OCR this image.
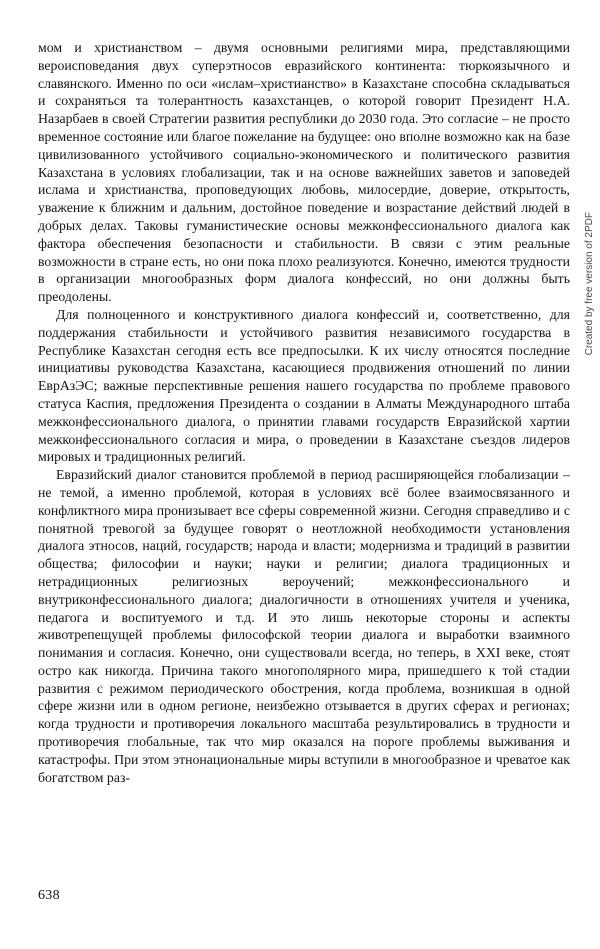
мом и христианством – двумя основными религиями мира, представляющими вероисповедания двух суперэтносов евразийского континента: тюркоязычного и славянского. Именно по оси «ислам–христианство» в Казахстане способна складываться и сохраняться та толерантность казахстанцев, о которой говорит Президент Н.А. Назарбаев в своей Стратегии развития республики до 2030 года. Это согласие – не просто временное состояние или благое пожелание на будущее: оно вполне возможно как на базе цивилизованного устойчивого социально-экономического и политического развития Казахстана в условиях глобализации, так и на основе важнейших заветов и заповедей ислама и христианства, проповедующих любовь, милосердие, доверие, открытость, уважение к ближним и дальним, достойное поведение и возрастание действий людей в добрых делах. Таковы гуманистические основы межконфессионального диалога как фактора обеспечения безопасности и стабильности. В связи с этим реальные возможности в стране есть, но они пока плохо реализуются. Конечно, имеются трудности в организации многообразных форм диалога конфессий, но они должны быть преодолены.

Для полноценного и конструктивного диалога конфессий и, соответственно, для поддержания стабильности и устойчивого развития независимого государства в Республике Казахстан сегодня есть все предпосылки. К их числу относятся последние инициативы руководства Казахстана, касающиеся продвижения отношений по линии ЕврАзЭС; важные перспективные решения нашего государства по проблеме правового статуса Каспия, предложения Президента о создании в Алматы Международного штаба межконфессионального диалога, о принятии главами государств Евразийской хартии межконфессионального согласия и мира, о проведении в Казахстане съездов лидеров мировых и традиционных религий.

Евразийский диалог становится проблемой в период расширяющейся глобализации – не темой, а именно проблемой, которая в условиях всё более взаимосвязанного и конфликтного мира пронизывает все сферы современной жизни. Сегодня справедливо и с понятной тревогой за будущее говорят о неотложной необходимости установления диалога этносов, наций, государств; народа и власти; модернизма и традиций в развитии общества; философии и науки; науки и религии; диалога традиционных и нетрадиционных религиозных вероучений; межконфессионального и внутриконфессионального диалога; диалогичности в отношениях учителя и ученика, педагога и воспитуемого и т.д. И это лишь некоторые стороны и аспекты животрепещущей проблемы философской теории диалога и выработки взаимного понимания и согласия. Конечно, они существовали всегда, но теперь, в XXI веке, стоят остро как никогда. Причина такого многополярного мира, пришедшего к той стадии развития с режимом периодического обострения, когда проблема, возникшая в одной сфере жизни или в одном регионе, неизбежно отзывается в других сферах и регионах; когда трудности и противоречия локального масштаба результировались в трудности и противоречия глобальные, так что мир оказался на пороге проблемы выживания и катастрофы. При этом этнонациональные миры вступили в многообразное и чреватое как богатством раз-

638
Created by free version of 2PDF
